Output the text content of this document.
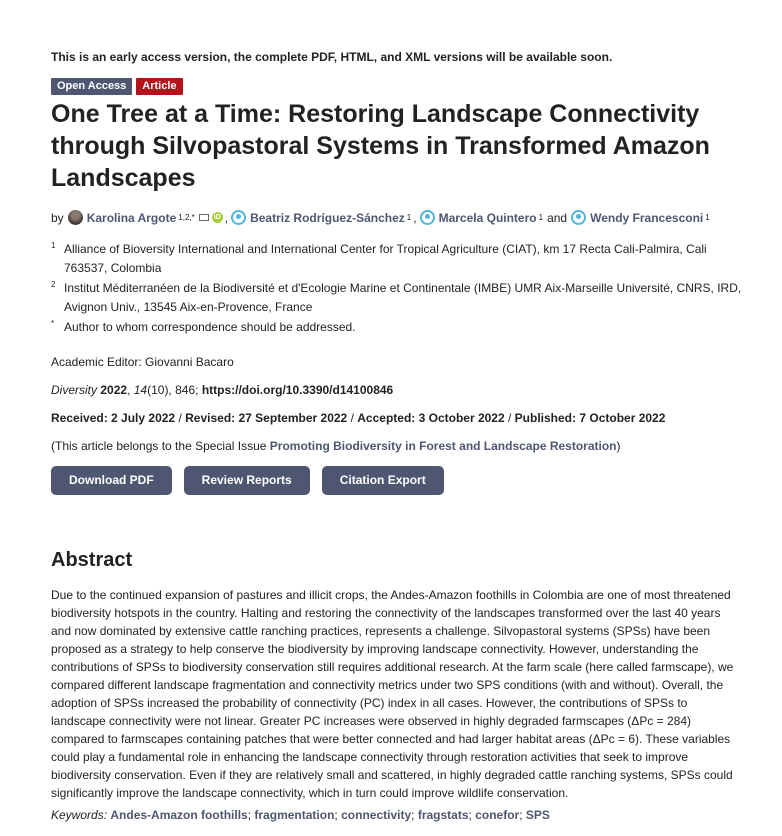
This is an early access version, the complete PDF, HTML, and XML versions will be available soon.
Open Access	Article
One Tree at a Time: Restoring Landscape Connectivity through Silvopastoral Systems in Transformed Amazon Landscapes
by Karolina Argote 1,2,*	iD , Beatriz Rodríguez-Sánchez 1 , Marcela Quintero 1 and Wendy Francesconi 1
1 Alliance of Bioversity International and International Center for Tropical Agriculture (CIAT), km 17 Recta Cali-Palmira, Cali 763537, Colombia
2 Institut Méditerranéen de la Biodiversité et d'Ecologie Marine et Continentale (IMBE) UMR Aix-Marseille Université, CNRS, IRD, Avignon Univ., 13545 Aix-en-Provence, France
* Author to whom correspondence should be addressed.
Academic Editor: Giovanni Bacaro
Diversity 2022, 14(10), 846; https://doi.org/10.3390/d14100846
Received: 2 July 2022 / Revised: 27 September 2022 / Accepted: 3 October 2022 / Published: 7 October 2022
(This article belongs to the Special Issue Promoting Biodiversity in Forest and Landscape Restoration)
Download PDF	Review Reports	Citation Export
Abstract

Due to the continued expansion of pastures and illicit crops, the Andes-Amazon foothills in Colombia are one of most threatened biodiversity hotspots in the country. Halting and restoring the connectivity of the landscapes transformed over the last 40 years and now dominated by extensive cattle ranching practices, represents a challenge. Silvopastoral systems (SPSs) have been proposed as a strategy to help conserve the biodiversity by improving landscape connectivity. However, understanding the contributions of SPSs to biodiversity conservation still requires additional research. At the farm scale (here called farmscape), we compared different landscape fragmentation and connectivity metrics under two SPS conditions (with and without). Overall, the adoption of SPSs increased the probability of connectivity (PC) index in all cases. However, the contributions of SPSs to landscape connectivity were not linear. Greater PC increases were observed in highly degraded farmscapes (ΔPc = 284) compared to farmscapes containing patches that were better connected and had larger habitat areas (ΔPc = 6). These variables could play a fundamental role in enhancing the landscape connectivity through restoration activities that seek to improve biodiversity conservation. Even if they are relatively small and scattered, in highly degraded cattle ranching systems, SPSs could significantly improve the landscape connectivity, which in turn could improve wildlife conservation.

Keywords: Andes-Amazon foothills; fragmentation; connectivity; fragstats; conefor; SPS
